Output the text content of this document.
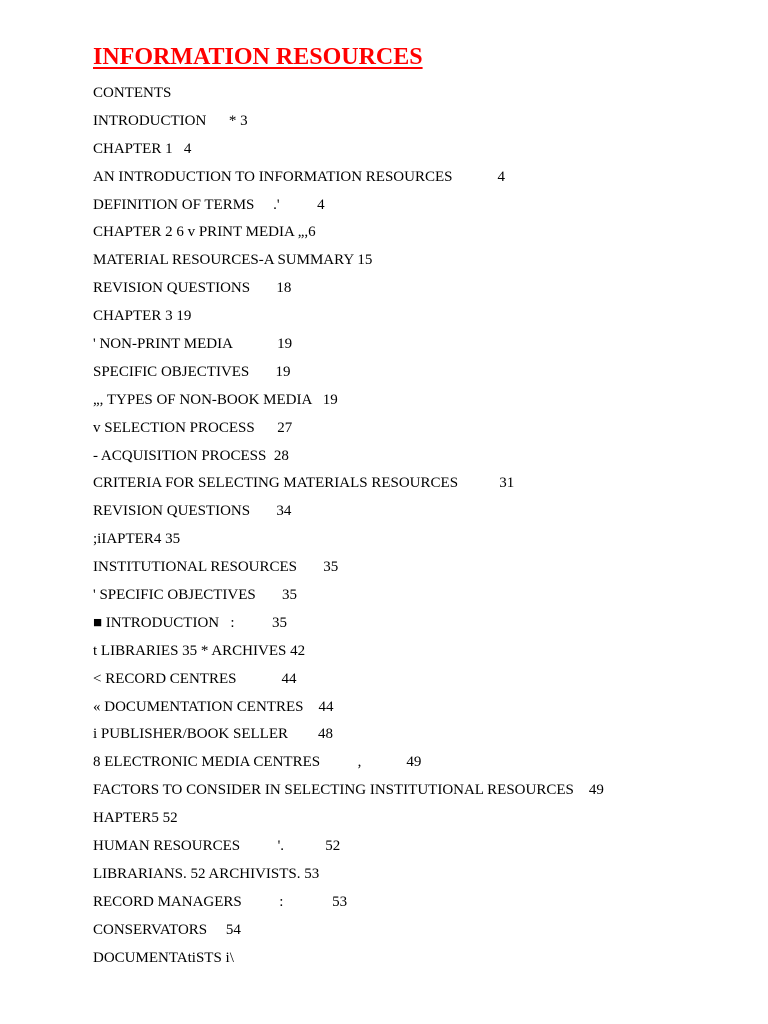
INFORMATION RESOURCES
CONTENTS
INTRODUCTION      * 3
CHAPTER 1   4
AN INTRODUCTION TO INFORMATION RESOURCES            4
DEFINITION OF TERMS     .'          4
CHAPTER 2 6 v PRINT MEDIA „,6
MATERIAL RESOURCES-A SUMMARY 15
REVISION QUESTIONS       18
CHAPTER 3 19
' NON-PRINT MEDIA            19
SPECIFIC OBJECTIVES       19
„, TYPES OF NON-BOOK MEDIA   19
v SELECTION PROCESS      27
- ACQUISITION PROCESS  28
CRITERIA FOR SELECTING MATERIALS RESOURCES           31
REVISION QUESTIONS       34
;iIAPTER4 35
INSTITUTIONAL RESOURCES       35
' SPECIFIC OBJECTIVES       35
■ INTRODUCTION   :          35
t LIBRARIES 35 * ARCHIVES 42
< RECORD CENTRES            44
« DOCUMENTATION CENTRES    44
i PUBLISHER/BOOK SELLER        48
8 ELECTRONIC MEDIA CENTRES          ,            49
FACTORS TO CONSIDER IN SELECTING INSTITUTIONAL RESOURCES    49
HAPTER5 52
HUMAN RESOURCES          '.           52
LIBRARIANS. 52 ARCHIVISTS. 53
RECORD MANAGERS          :             53
CONSERVATORS     54
DOCUMENTAtiSTS i\
